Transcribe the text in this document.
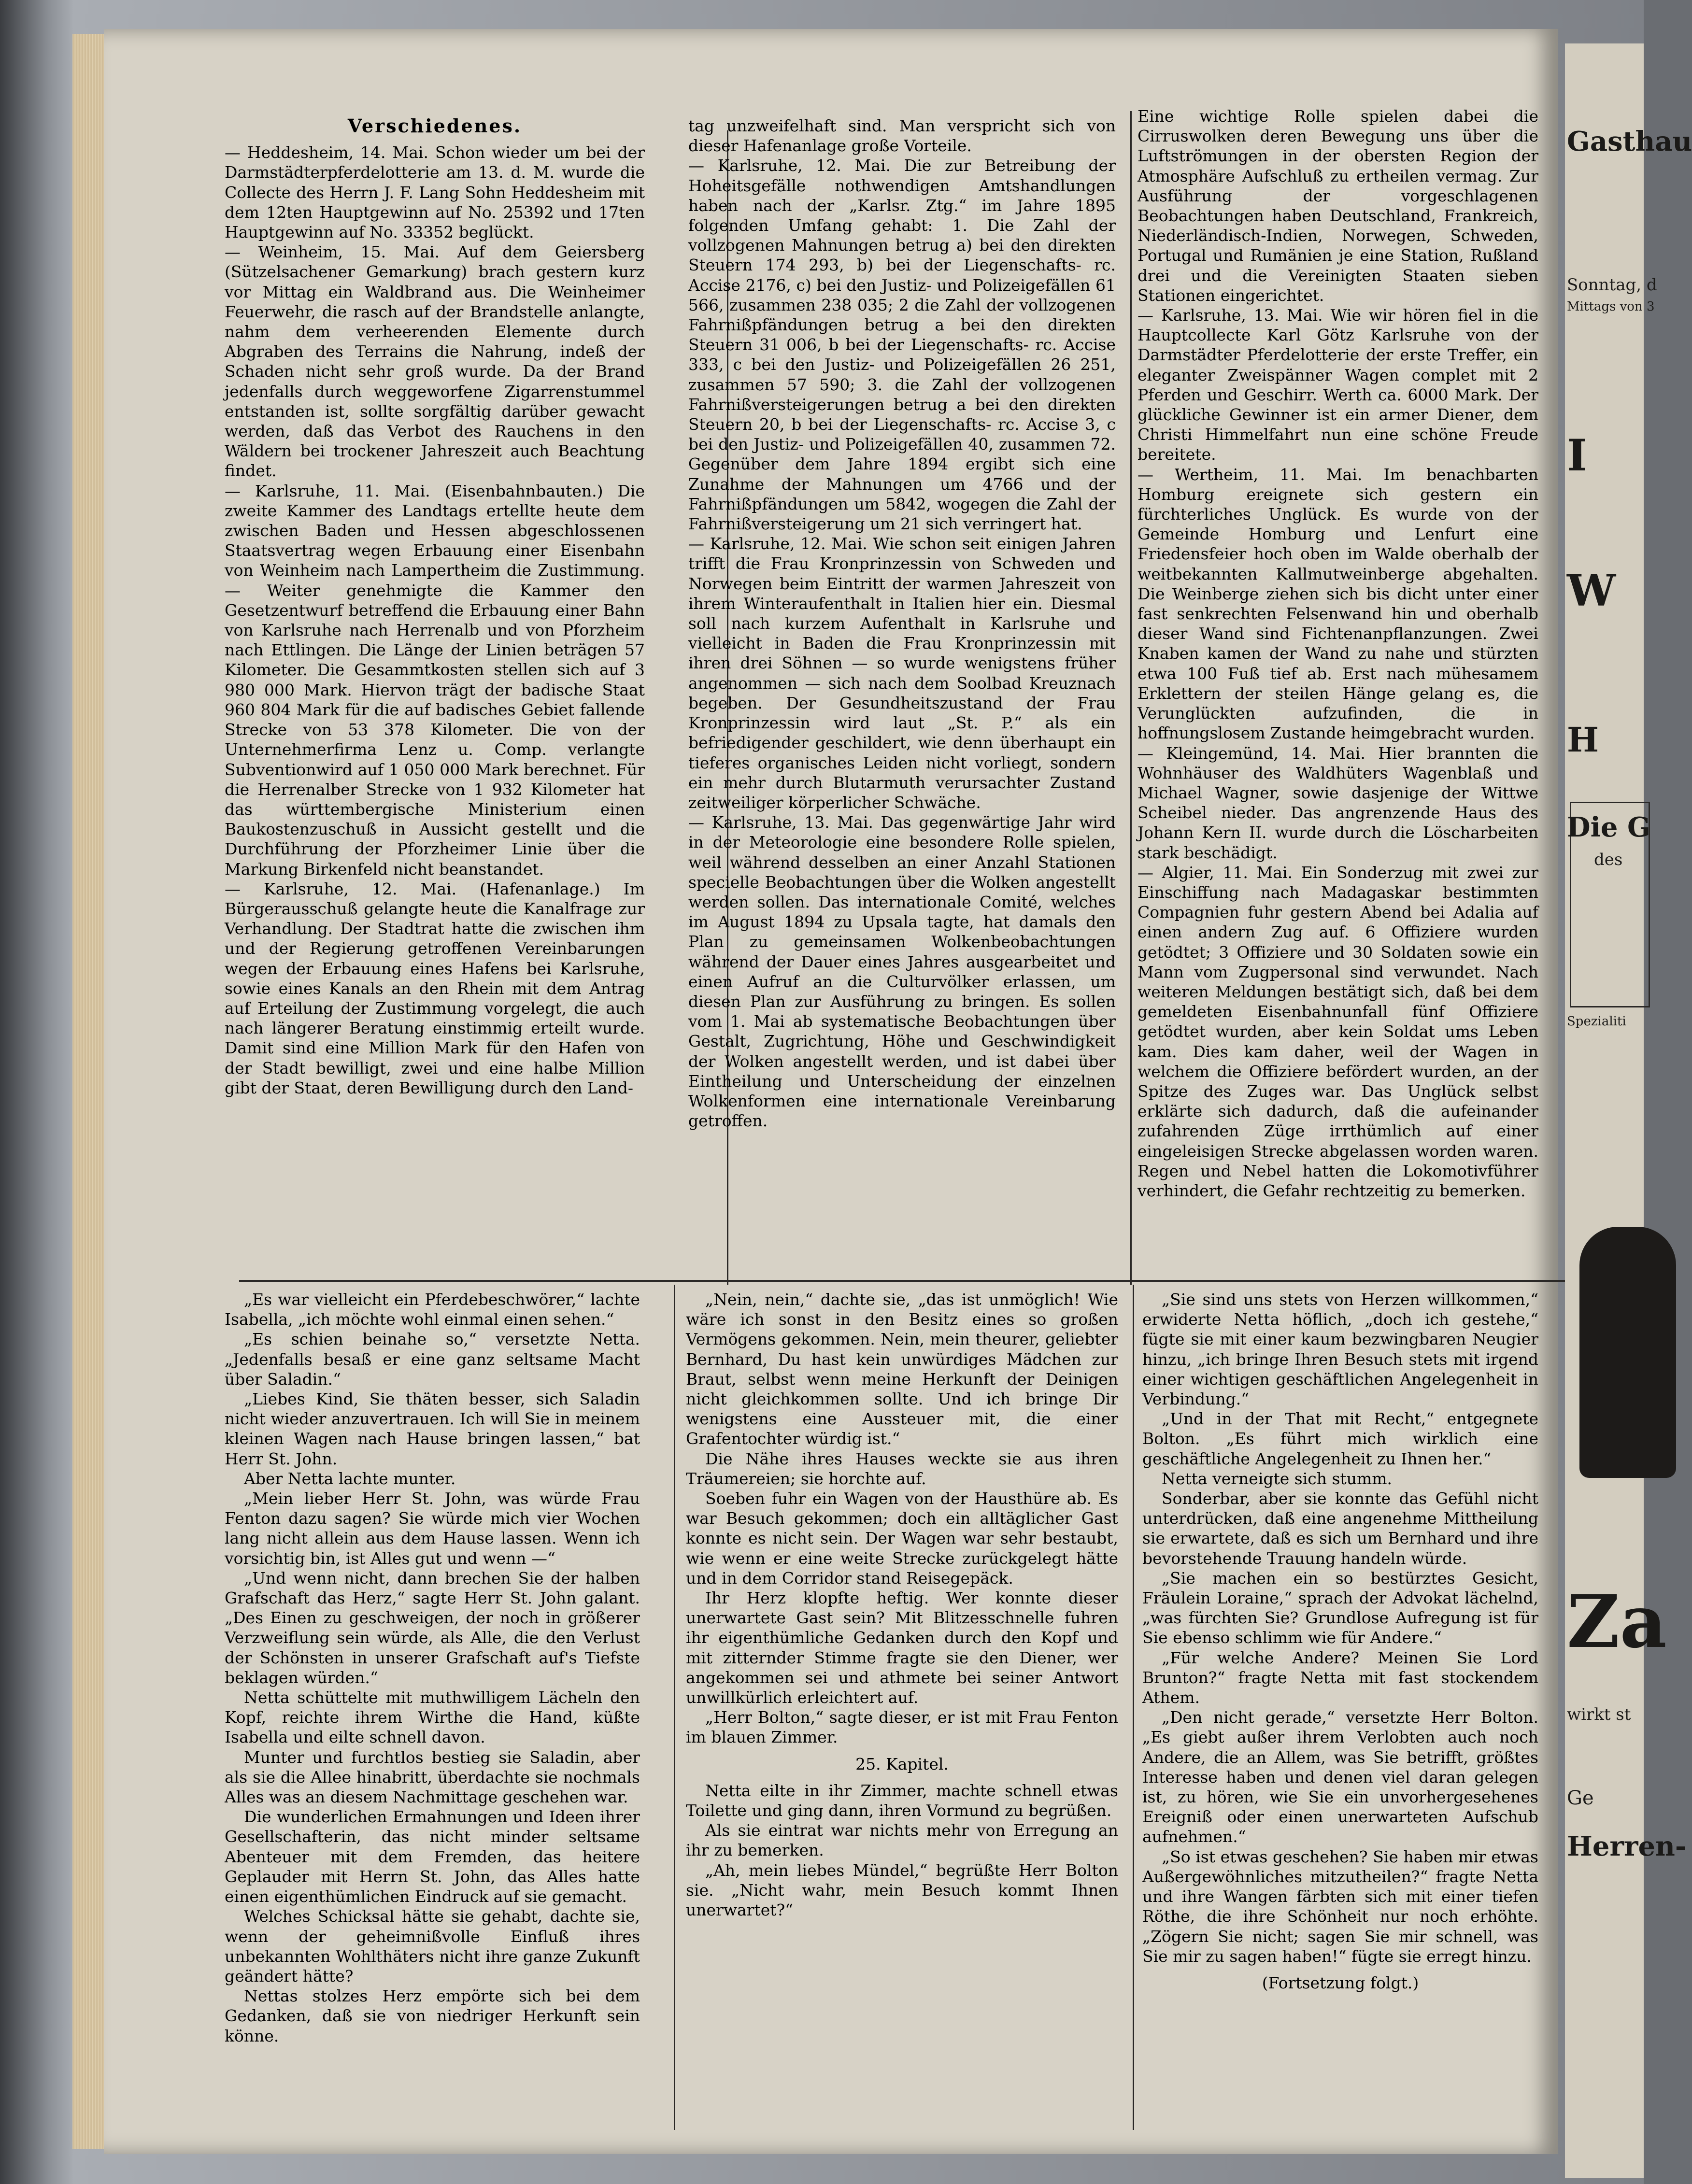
Verschiedenes.

— Heddesheim, 14. Mai. Schon wieder um bei der Darmstädterpferdelotterie am 13. d. M. wurde die Collecte des Herrn J. F. Lang Sohn Heddesheim mit dem 12ten Hauptgewinn auf No. 25392 und 17ten Hauptgewinn auf No. 33352 beglückt.

— Weinheim, 15. Mai. Auf dem Geiersberg (Sützelsachener Gemarkung) brach gestern kurz vor Mittag ein Waldbrand aus. Die Weinheimer Feuerwehr, die rasch auf der Brandstelle anlangte, nahm dem verheerenden Elemente durch Abgraben des Terrains die Nahrung, indeß der Schaden nicht sehr groß wurde. Da der Brand jedenfalls durch weggeworfene Zigarrenstummel entstanden ist, sollte sorgfältig darüber gewacht werden, daß das Verbot des Rauchens in den Wäldern bei trockener Jahreszeit auch Beachtung findet.

— Karlsruhe, 11. Mai. (Eisenbahnbauten.) Die zweite Kammer des Landtags ertellte heute dem zwischen Baden und Hessen abgeschlossenen Staatsvertrag wegen Erbauung einer Eisenbahn von Weinheim nach Lampertheim die Zustimmung. — Weiter genehmigte die Kammer den Gesetzentwurf betreffend die Erbauung einer Bahn von Karlsruhe nach Herrenalb und von Pforzheim nach Ettlingen. Die Länge der Linien beträgen 57 Kilometer. Die Gesammtkosten stellen sich auf 3 980 000 Mark. Hiervon trägt der badische Staat 960 804 Mark für die auf badisches Gebiet fallende Strecke von 53 378 Kilometer. Die von der Unternehmerfirma Lenz u. Comp. verlangte Subventionwird auf 1 050 000 Mark berechnet. Für die Herrenalber Strecke von 1 932 Kilometer hat das württembergische Ministerium einen Baukostenzuschuß in Aussicht gestellt und die Durchführung der Pforzheimer Linie über die Markung Birkenfeld nicht beanstandet.

— Karlsruhe, 12. Mai. (Hafenanlage.) Im Bürgerausschuß gelangte heute die Kanalfrage zur Verhandlung. Der Stadtrat hatte die zwischen ihm und der Regierung getroffenen Vereinbarungen wegen der Erbauung eines Hafens bei Karlsruhe, sowie eines Kanals an den Rhein mit dem Antrag auf Erteilung der Zustimmung vorgelegt, die auch nach längerer Beratung einstimmig erteilt wurde. Damit sind eine Million Mark für den Hafen von der Stadt bewilligt, zwei und eine halbe Million gibt der Staat, deren Bewilligung durch den Land-

tag unzweifelhaft sind. Man verspricht sich von dieser Hafenanlage große Vorteile.

— Karlsruhe, 12. Mai. Die zur Betreibung der Hoheitsgefälle nothwendigen Amtshandlungen haben nach der „Karlsr. Ztg.“ im Jahre 1895 folgenden Umfang gehabt: 1. Die Zahl der vollzogenen Mahnungen betrug a) bei den direkten Steuern 174 293, b) bei der Liegenschafts- rc. Accise 2176, c) bei den Justiz- und Polizeigefällen 61 566, zusammen 238 035; 2 die Zahl der vollzogenen Fahrnißpfändungen betrug a bei den direkten Steuern 31 006, b bei der Liegenschafts- rc. Accise 333, c bei den Justiz- und Polizeigefällen 26 251, zusammen 57 590; 3. die Zahl der vollzogenen Fahrnißversteigerungen betrug a bei den direkten Steuern 20, b bei der Liegenschafts- rc. Accise 3, c bei den Justiz- und Polizeigefällen 40, zusammen 72. Gegenüber dem Jahre 1894 ergibt sich eine Zunahme der Mahnungen um 4766 und der Fahrnißpfändungen um 5842, wogegen die Zahl der Fahrnißversteigerung um 21 sich verringert hat.

— Karlsruhe, 12. Mai. Wie schon seit einigen Jahren trifft die Frau Kronprinzessin von Schweden und Norwegen beim Eintritt der warmen Jahreszeit von ihrem Winteraufenthalt in Italien hier ein. Diesmal soll nach kurzem Aufenthalt in Karlsruhe und vielleicht in Baden die Frau Kronprinzessin mit ihren drei Söhnen — so wurde wenigstens früher angenommen — sich nach dem Soolbad Kreuznach begeben. Der Gesundheitszustand der Frau Kronprinzessin wird laut „St. P.“ als ein befriedigender geschildert, wie denn überhaupt ein tieferes organisches Leiden nicht vorliegt, sondern ein mehr durch Blutarmuth verursachter Zustand zeitweiliger körperlicher Schwäche.

— Karlsruhe, 13. Mai. Das gegenwärtige Jahr wird in der Meteorologie eine besondere Rolle spielen, weil während desselben an einer Anzahl Stationen specielle Beobachtungen über die Wolken angestellt werden sollen. Das internationale Comité, welches im August 1894 zu Upsala tagte, hat damals den Plan zu gemeinsamen Wolkenbeobachtungen während der Dauer eines Jahres ausgearbeitet und einen Aufruf an die Culturvölker erlassen, um diesen Plan zur Ausführung zu bringen. Es sollen vom 1. Mai ab systematische Beobachtungen über Gestalt, Zugrichtung, Höhe und Geschwindigkeit der Wolken angestellt werden, und ist dabei über Eintheilung und Unterscheidung der einzelnen Wolkenformen eine internationale Vereinbarung getroffen.

Eine wichtige Rolle spielen dabei die Cirruswolken deren Bewegung uns über die Luftströmungen in der obersten Region der Atmosphäre Aufschluß zu ertheilen vermag. Zur Ausführung der vorgeschlagenen Beobachtungen haben Deutschland, Frankreich, Niederländisch-Indien, Norwegen, Schweden, Portugal und Rumänien je eine Station, Rußland drei und die Vereinigten Staaten sieben Stationen eingerichtet.

— Karlsruhe, 13. Mai. Wie wir hören fiel in die Hauptcollecte Karl Götz Karlsruhe von der Darmstädter Pferdelotterie der erste Treffer, ein eleganter Zweispänner Wagen complet mit 2 Pferden und Geschirr. Werth ca. 6000 Mark. Der glückliche Gewinner ist ein armer Diener, dem Christi Himmelfahrt nun eine schöne Freude bereitete.

— Wertheim, 11. Mai. Im benachbarten Homburg ereignete sich gestern ein fürchterliches Unglück. Es wurde von der Gemeinde Homburg und Lenfurt eine Friedensfeier hoch oben im Walde oberhalb der weitbekannten Kallmutweinberge abgehalten. Die Weinberge ziehen sich bis dicht unter einer fast senkrechten Felsenwand hin und oberhalb dieser Wand sind Fichtenanpflanzungen. Zwei Knaben kamen der Wand zu nahe und stürzten etwa 100 Fuß tief ab. Erst nach mühesamem Erklettern der steilen Hänge gelang es, die Verunglückten aufzufinden, die in hoffnungslosem Zustande heimgebracht wurden.

— Kleingemünd, 14. Mai. Hier brannten die Wohnhäuser des Waldhüters Wagenblaß und Michael Wagner, sowie dasjenige der Wittwe Scheibel nieder. Das angrenzende Haus des Johann Kern II. wurde durch die Löscharbeiten stark beschädigt.

— Algier, 11. Mai. Ein Sonderzug mit zwei zur Einschiffung nach Madagaskar bestimmten Compagnien fuhr gestern Abend bei Adalia auf einen andern Zug auf. 6 Offiziere wurden getödtet; 3 Offiziere und 30 Soldaten sowie ein Mann vom Zugpersonal sind verwundet. Nach weiteren Meldungen bestätigt sich, daß bei dem gemeldeten Eisenbahnunfall fünf Offiziere getödtet wurden, aber kein Soldat ums Leben kam. Dies kam daher, weil der Wagen in welchem die Offiziere befördert wurden, an der Spitze des Zuges war. Das Unglück selbst erklärte sich dadurch, daß die aufeinander zufahrenden Züge irrthümlich auf einer eingeleisigen Strecke abgelassen worden waren. Regen und Nebel hatten die Lokomotivführer verhindert, die Gefahr rechtzeitig zu bemerken.

„Es war vielleicht ein Pferdebeschwörer,“ lachte Isabella, „ich möchte wohl einmal einen sehen.“

„Es schien beinahe so,“ versetzte Netta. „Jedenfalls besaß er eine ganz seltsame Macht über Saladin.“

„Liebes Kind, Sie thäten besser, sich Saladin nicht wieder anzuvertrauen. Ich will Sie in meinem kleinen Wagen nach Hause bringen lassen,“ bat Herr St. John.

Aber Netta lachte munter.

„Mein lieber Herr St. John, was würde Frau Fenton dazu sagen? Sie würde mich vier Wochen lang nicht allein aus dem Hause lassen. Wenn ich vorsichtig bin, ist Alles gut und wenn —“

„Und wenn nicht, dann brechen Sie der halben Grafschaft das Herz,“ sagte Herr St. John galant. „Des Einen zu geschweigen, der noch in größerer Verzweiflung sein würde, als Alle, die den Verlust der Schönsten in unserer Grafschaft auf's Tiefste beklagen würden.“

Netta schüttelte mit muthwilligem Lächeln den Kopf, reichte ihrem Wirthe die Hand, küßte Isabella und eilte schnell davon.

Munter und furchtlos bestieg sie Saladin, aber als sie die Allee hinabritt, überdachte sie nochmals Alles was an diesem Nachmittage geschehen war.

Die wunderlichen Ermahnungen und Ideen ihrer Gesellschafterin, das nicht minder seltsame Abenteuer mit dem Fremden, das heitere Geplauder mit Herrn St. John, das Alles hatte einen eigenthümlichen Eindruck auf sie gemacht.

Welches Schicksal hätte sie gehabt, dachte sie, wenn der geheimnißvolle Einfluß ihres unbekannten Wohlthäters nicht ihre ganze Zukunft geändert hätte?

Nettas stolzes Herz empörte sich bei dem Gedanken, daß sie von niedriger Herkunft sein könne.

„Nein, nein,“ dachte sie, „das ist unmöglich! Wie wäre ich sonst in den Besitz eines so großen Vermögens gekommen. Nein, mein theurer, geliebter Bernhard, Du hast kein unwürdiges Mädchen zur Braut, selbst wenn meine Herkunft der Deinigen nicht gleichkommen sollte. Und ich bringe Dir wenigstens eine Aussteuer mit, die einer Grafentochter würdig ist.“

Die Nähe ihres Hauses weckte sie aus ihren Träumereien; sie horchte auf.

Soeben fuhr ein Wagen von der Hausthüre ab. Es war Besuch gekommen; doch ein alltäglicher Gast konnte es nicht sein. Der Wagen war sehr bestaubt, wie wenn er eine weite Strecke zurückgelegt hätte und in dem Corridor stand Reisegepäck.

Ihr Herz klopfte heftig. Wer konnte dieser unerwartete Gast sein? Mit Blitzesschnelle fuhren ihr eigenthümliche Gedanken durch den Kopf und mit zitternder Stimme fragte sie den Diener, wer angekommen sei und athmete bei seiner Antwort unwillkürlich erleichtert auf.

„Herr Bolton,“ sagte dieser, er ist mit Frau Fenton im blauen Zimmer.

25. Kapitel.

Netta eilte in ihr Zimmer, machte schnell etwas Toilette und ging dann, ihren Vormund zu begrüßen.

Als sie eintrat war nichts mehr von Erregung an ihr zu bemerken.

„Ah, mein liebes Mündel,“ begrüßte Herr Bolton sie. „Nicht wahr, mein Besuch kommt Ihnen unerwartet?“

„Sie sind uns stets von Herzen willkommen,“ erwiderte Netta höflich, „doch ich gestehe,“ fügte sie mit einer kaum bezwingbaren Neugier hinzu, „ich bringe Ihren Besuch stets mit irgend einer wichtigen geschäftlichen Angelegenheit in Verbindung.“

„Und in der That mit Recht,“ entgegnete Bolton. „Es führt mich wirklich eine geschäftliche Angelegenheit zu Ihnen her.“

Netta verneigte sich stumm.

Sonderbar, aber sie konnte das Gefühl nicht unterdrücken, daß eine angenehme Mittheilung sie erwartete, daß es sich um Bernhard und ihre bevorstehende Trauung handeln würde.

„Sie machen ein so bestürztes Gesicht, Fräulein Loraine,“ sprach der Advokat lächelnd, „was fürchten Sie? Grundlose Aufregung ist für Sie ebenso schlimm wie für Andere.“

„Für welche Andere? Meinen Sie Lord Brunton?“ fragte Netta mit fast stockendem Athem.

„Den nicht gerade,“ versetzte Herr Bolton. „Es giebt außer ihrem Verlobten auch noch Andere, die an Allem, was Sie betrifft, größtes Interesse haben und denen viel daran gelegen ist, zu hören, wie Sie ein unvorhergesehenes Ereigniß oder einen unerwarteten Aufschub aufnehmen.“

„So ist etwas geschehen? Sie haben mir etwas Außergewöhnliches mitzutheilen?“ fragte Netta und ihre Wangen färbten sich mit einer tiefen Röthe, die ihre Schönheit nur noch erhöhte. „Zögern Sie nicht; sagen Sie mir schnell, was Sie mir zu sagen haben!“ fügte sie erregt hinzu.

(Fortsetzung folgt.)

Gasthau
Sonntag, d
Mittags von 3
I
W
H
Die G
des
Spezialiti
Za
wirkt st
Ge
Herren-
